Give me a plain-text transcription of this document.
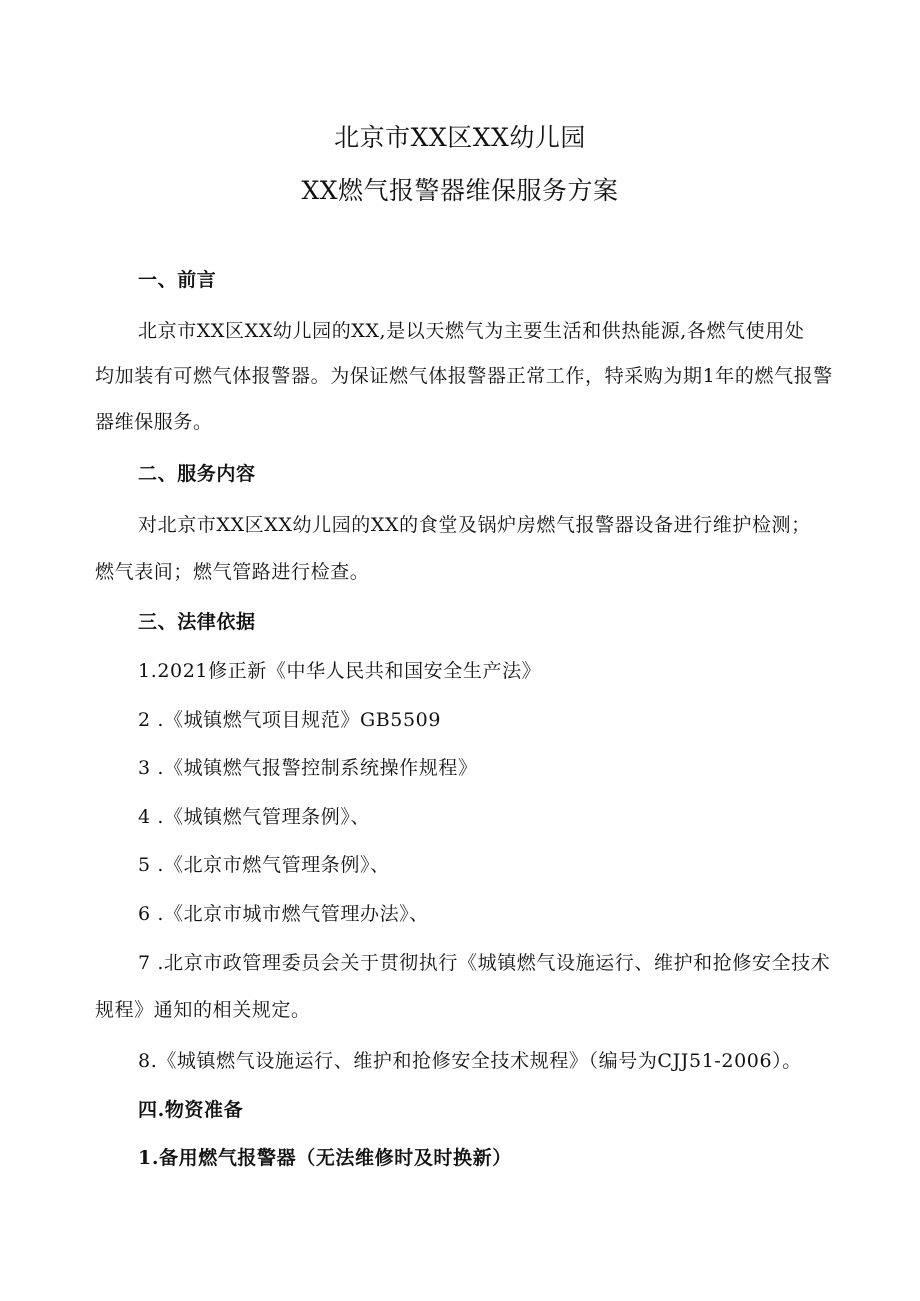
北京市XX区XX幼儿园
XX燃气报警器维保服务方案
一、前言
北京市XX区XX幼儿园的XX,是以天燃气为主要生活和供热能源,各燃气使用处
均加装有可燃气体报警器。为保证燃气体报警器正常工作，特采购为期1年的燃气报警
器维保服务。
二、服务内容
对北京市XX区XX幼儿园的XX的食堂及锅炉房燃气报警器设备进行维护检测；
燃气表间；燃气管路进行检查。
三、法律依据
1.2021修正新《中华人民共和国安全生产法》
2 .《城镇燃气项目规范》GB5509
3 .《城镇燃气报警控制系统操作规程》
4 .《城镇燃气管理条例》、
5 .《北京市燃气管理条例》、
6 .《北京市城市燃气管理办法》、
7 .北京市政管理委员会关于贯彻执行《城镇燃气设施运行、维护和抢修安全技术
规程》通知的相关规定。
8.《城镇燃气设施运行、维护和抢修安全技术规程》（编号为CJJ51-2006）。
四.物资准备
1.备用燃气报警器（无法维修时及时换新）
